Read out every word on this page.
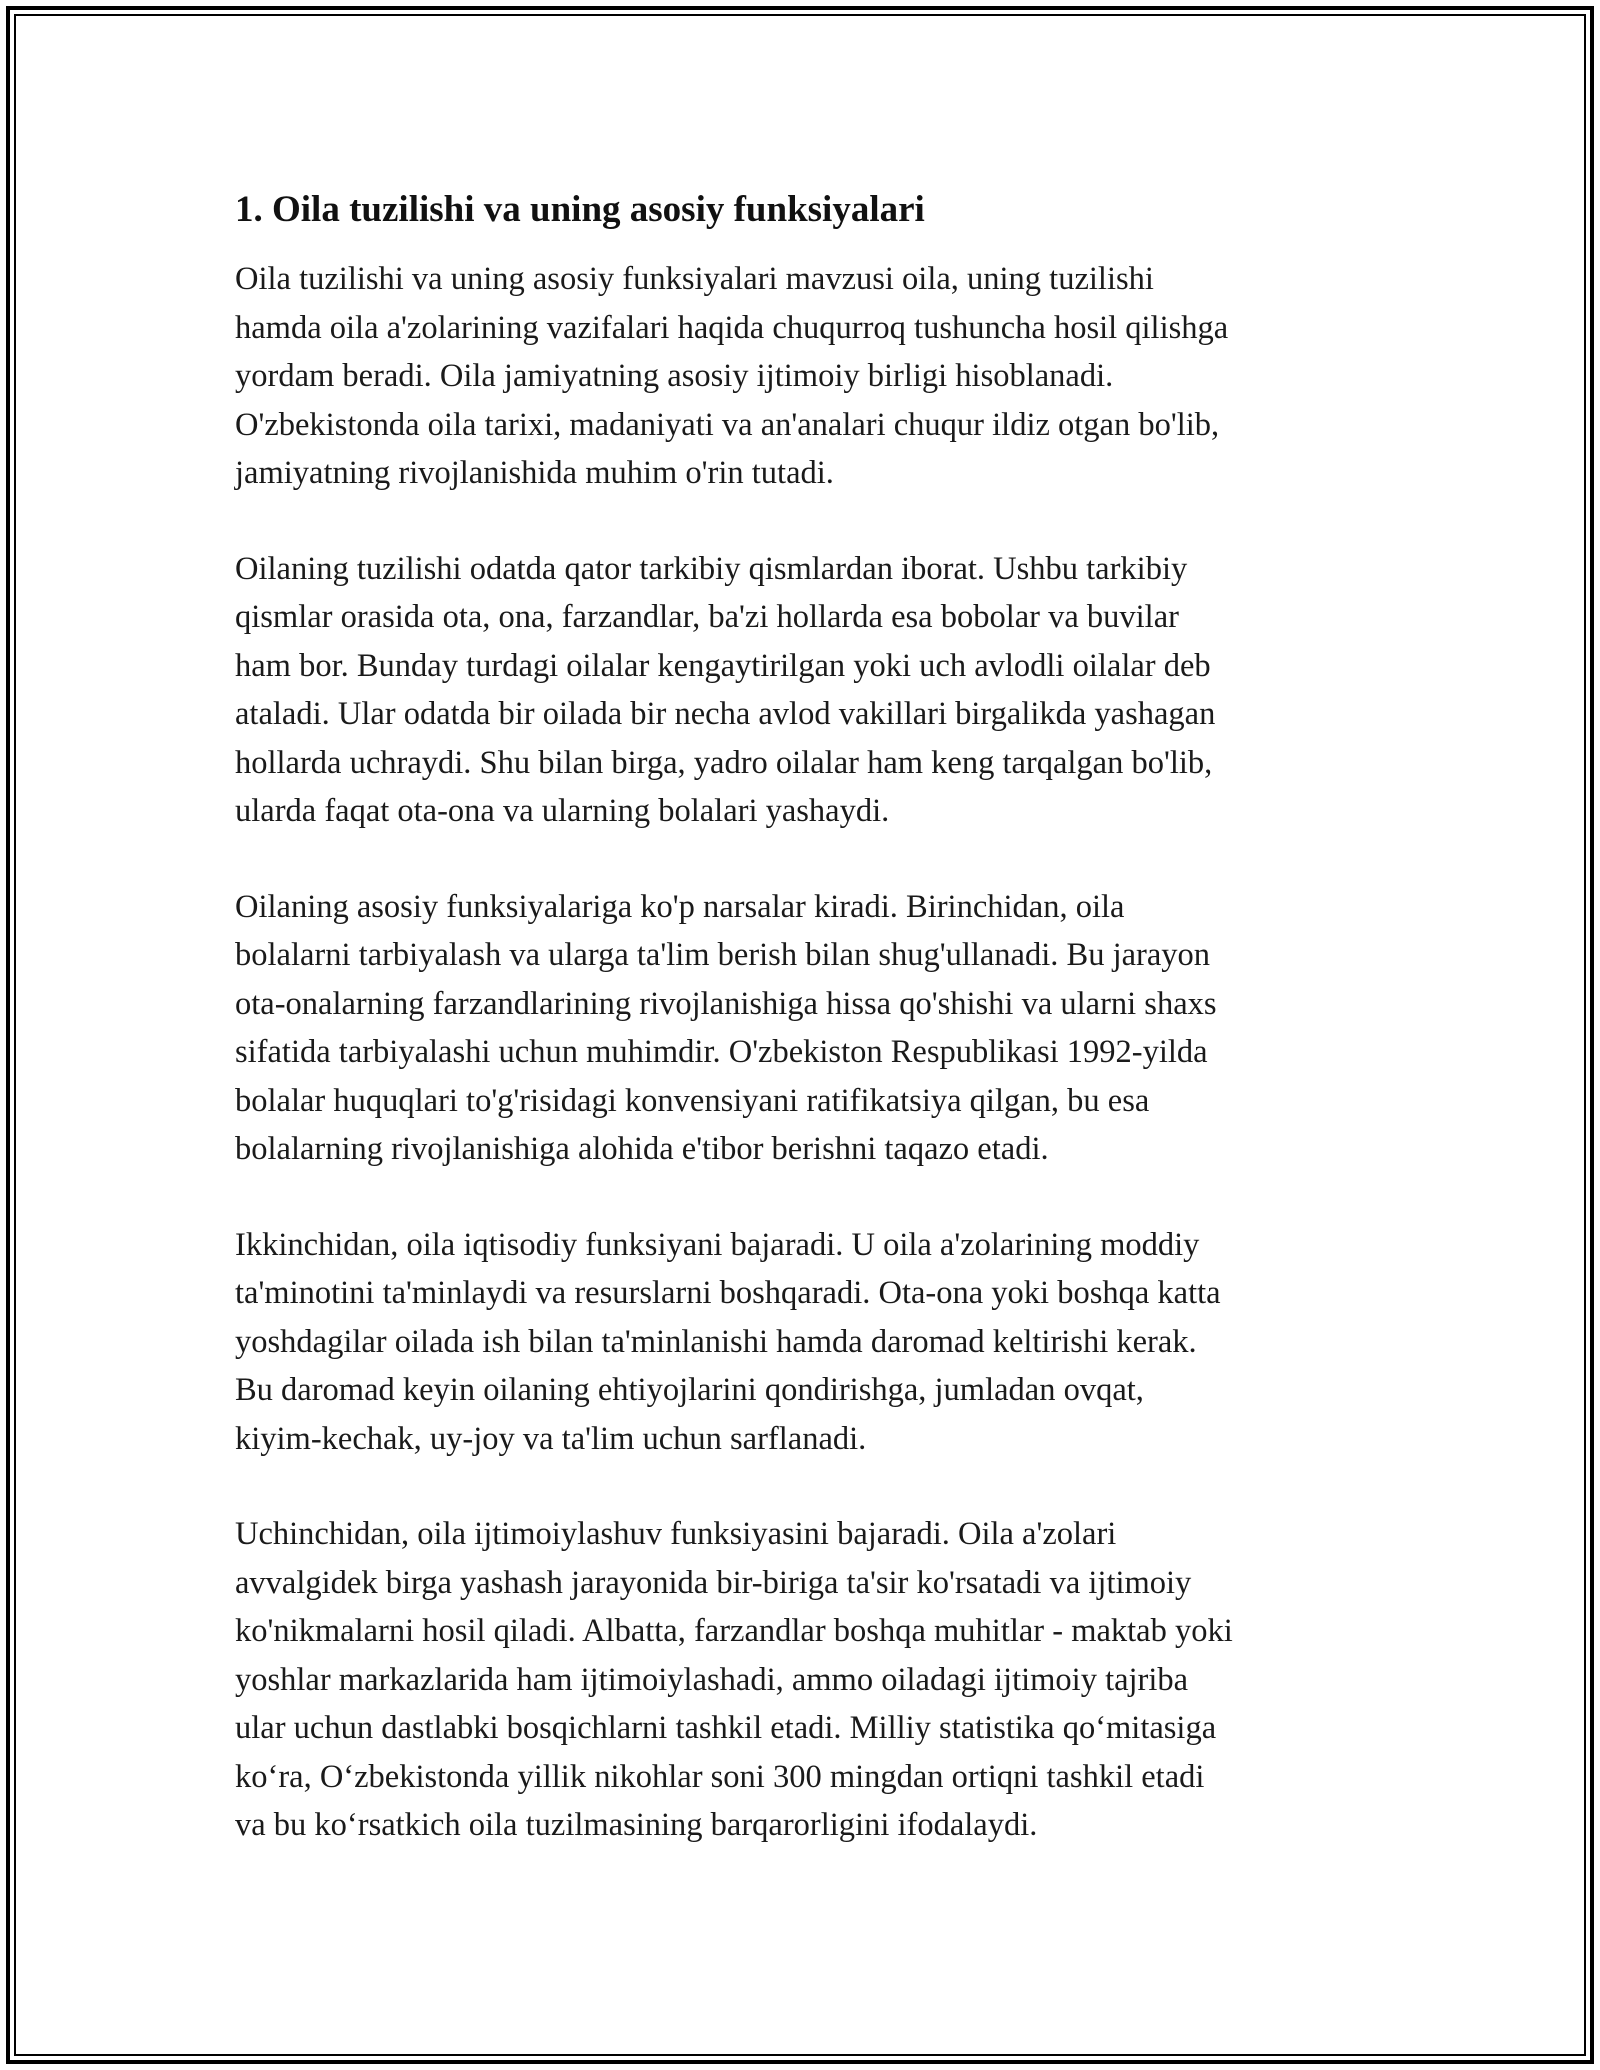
1. Oila tuzilishi va uning asosiy funksiyalari

Oila tuzilishi va uning asosiy funksiyalari mavzusi oila, uning tuzilishi
hamda oila a'zolarining vazifalari haqida chuqurroq tushuncha hosil qilishga
yordam beradi. Oila jamiyatning asosiy ijtimoiy birligi hisoblanadi.
O'zbekistonda oila tarixi, madaniyati va an'analari chuqur ildiz otgan bo'lib,
jamiyatning rivojlanishida muhim o'rin tutadi.

Oilaning tuzilishi odatda qator tarkibiy qismlardan iborat. Ushbu tarkibiy
qismlar orasida ota, ona, farzandlar, ba'zi hollarda esa bobolar va buvilar
ham bor. Bunday turdagi oilalar kengaytirilgan yoki uch avlodli oilalar deb
ataladi. Ular odatda bir oilada bir necha avlod vakillari birgalikda yashagan
hollarda uchraydi. Shu bilan birga, yadro oilalar ham keng tarqalgan bo'lib,
ularda faqat ota-ona va ularning bolalari yashaydi.

Oilaning asosiy funksiyalariga ko'p narsalar kiradi. Birinchidan, oila
bolalarni tarbiyalash va ularga ta'lim berish bilan shug'ullanadi. Bu jarayon
ota-onalarning farzandlarining rivojlanishiga hissa qo'shishi va ularni shaxs
sifatida tarbiyalashi uchun muhimdir. O'zbekiston Respublikasi 1992-yilda
bolalar huquqlari to'g'risidagi konvensiyani ratifikatsiya qilgan, bu esa
bolalarning rivojlanishiga alohida e'tibor berishni taqazo etadi.

Ikkinchidan, oila iqtisodiy funksiyani bajaradi. U oila a'zolarining moddiy
ta'minotini ta'minlaydi va resurslarni boshqaradi. Ota-ona yoki boshqa katta
yoshdagilar oilada ish bilan ta'minlanishi hamda daromad keltirishi kerak.
Bu daromad keyin oilaning ehtiyojlarini qondirishga, jumladan ovqat,
kiyim-kechak, uy-joy va ta'lim uchun sarflanadi.

Uchinchidan, oila ijtimoiylashuv funksiyasini bajaradi. Oila a'zolari
avvalgidek birga yashash jarayonida bir-biriga ta'sir ko'rsatadi va ijtimoiy
ko'nikmalarni hosil qiladi. Albatta, farzandlar boshqa muhitlar - maktab yoki
yoshlar markazlarida ham ijtimoiylashadi, ammo oiladagi ijtimoiy tajriba
ular uchun dastlabki bosqichlarni tashkil etadi. Milliy statistika qo‘mitasiga
ko‘ra, O‘zbekistonda yillik nikohlar soni 300 mingdan ortiqni tashkil etadi
va bu ko‘rsatkich oila tuzilmasining barqarorligini ifodalaydi.
